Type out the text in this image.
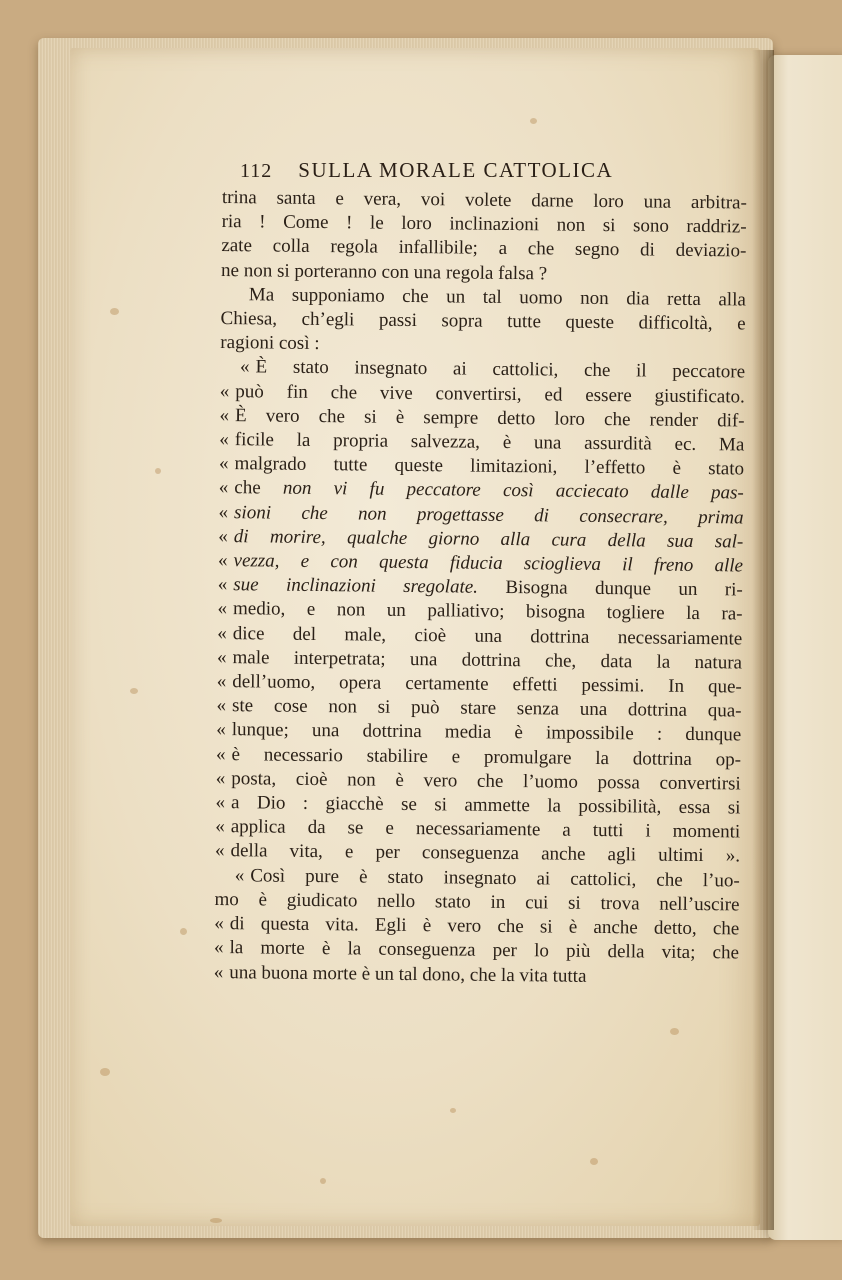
112 SULLA MORALE CATTOLICA
trina santa e vera, voi volete darne loro una arbitra-
ria ! Come ! le loro inclinazioni non si sono raddriz-
zate colla regola infallibile; a che segno di deviazio-
ne non si porteranno con una regola falsa ?
Ma supponiamo che un tal uomo non dia retta alla
Chiesa, ch’egli passi sopra tutte queste difficoltà, e
ragioni così :
« È stato insegnato ai cattolici, che il peccatore
« può fin che vive convertirsi, ed essere giustificato.
« È vero che si è sempre detto loro che render dif-
« ficile la propria salvezza, è una assurdità ec. Ma
« malgrado tutte queste limitazioni, l’effetto è stato
« che non vi fu peccatore così acciecato dalle pas-
« sioni che non progettasse di consecrare, prima
« di morire, qualche giorno alla cura della sua sal-
« vezza, e con questa fiducia scioglieva il freno alle
« sue inclinazioni sregolate. Bisogna dunque un ri-
« medio, e non un palliativo; bisogna togliere la ra-
« dice del male, cioè una dottrina necessariamente
« male interpetrata; una dottrina che, data la natura
« dell’uomo, opera certamente effetti pessimi. In que-
« ste cose non si può stare senza una dottrina qua-
« lunque; una dottrina media è impossibile : dunque
« è necessario stabilire e promulgare la dottrina op-
« posta, cioè non è vero che l’uomo possa convertirsi
« a Dio : giacchè se si ammette la possibilità, essa si
« applica da se e necessariamente a tutti i momenti
« della vita, e per conseguenza anche agli ultimi ».
« Così pure è stato insegnato ai cattolici, che l’uo-
mo è giudicato nello stato in cui si trova nell’uscire
« di questa vita. Egli è vero che si è anche detto, che
« la morte è la conseguenza per lo più della vita; che
« una buona morte è un tal dono, che la vita tutta
